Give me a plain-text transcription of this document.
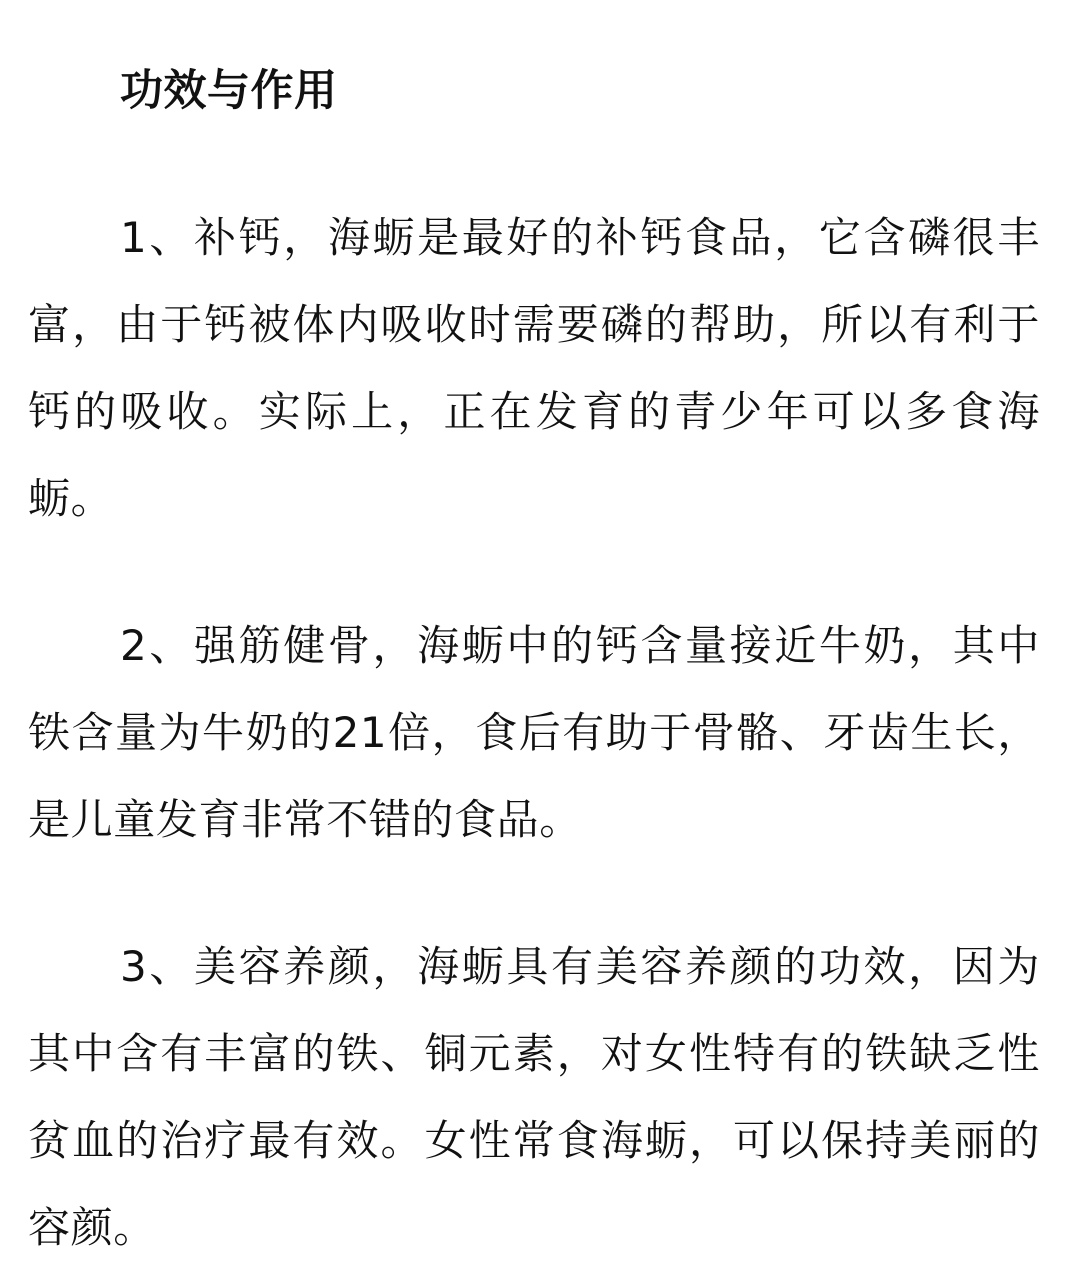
功效与作用

1、补钙，海蛎是最好的补钙食品，它含磷很丰富，由于钙被体内吸收时需要磷的帮助，所以有利于钙的吸收。实际上，正在发育的青少年可以多食海蛎。

2、强筋健骨，海蛎中的钙含量接近牛奶，其中铁含量为牛奶的21倍，食后有助于骨骼、牙齿生长，是儿童发育非常不错的食品。

3、美容养颜，海蛎具有美容养颜的功效，因为其中含有丰富的铁、铜元素，对女性特有的铁缺乏性贫血的治疗最有效。女性常食海蛎，可以保持美丽的容颜。
